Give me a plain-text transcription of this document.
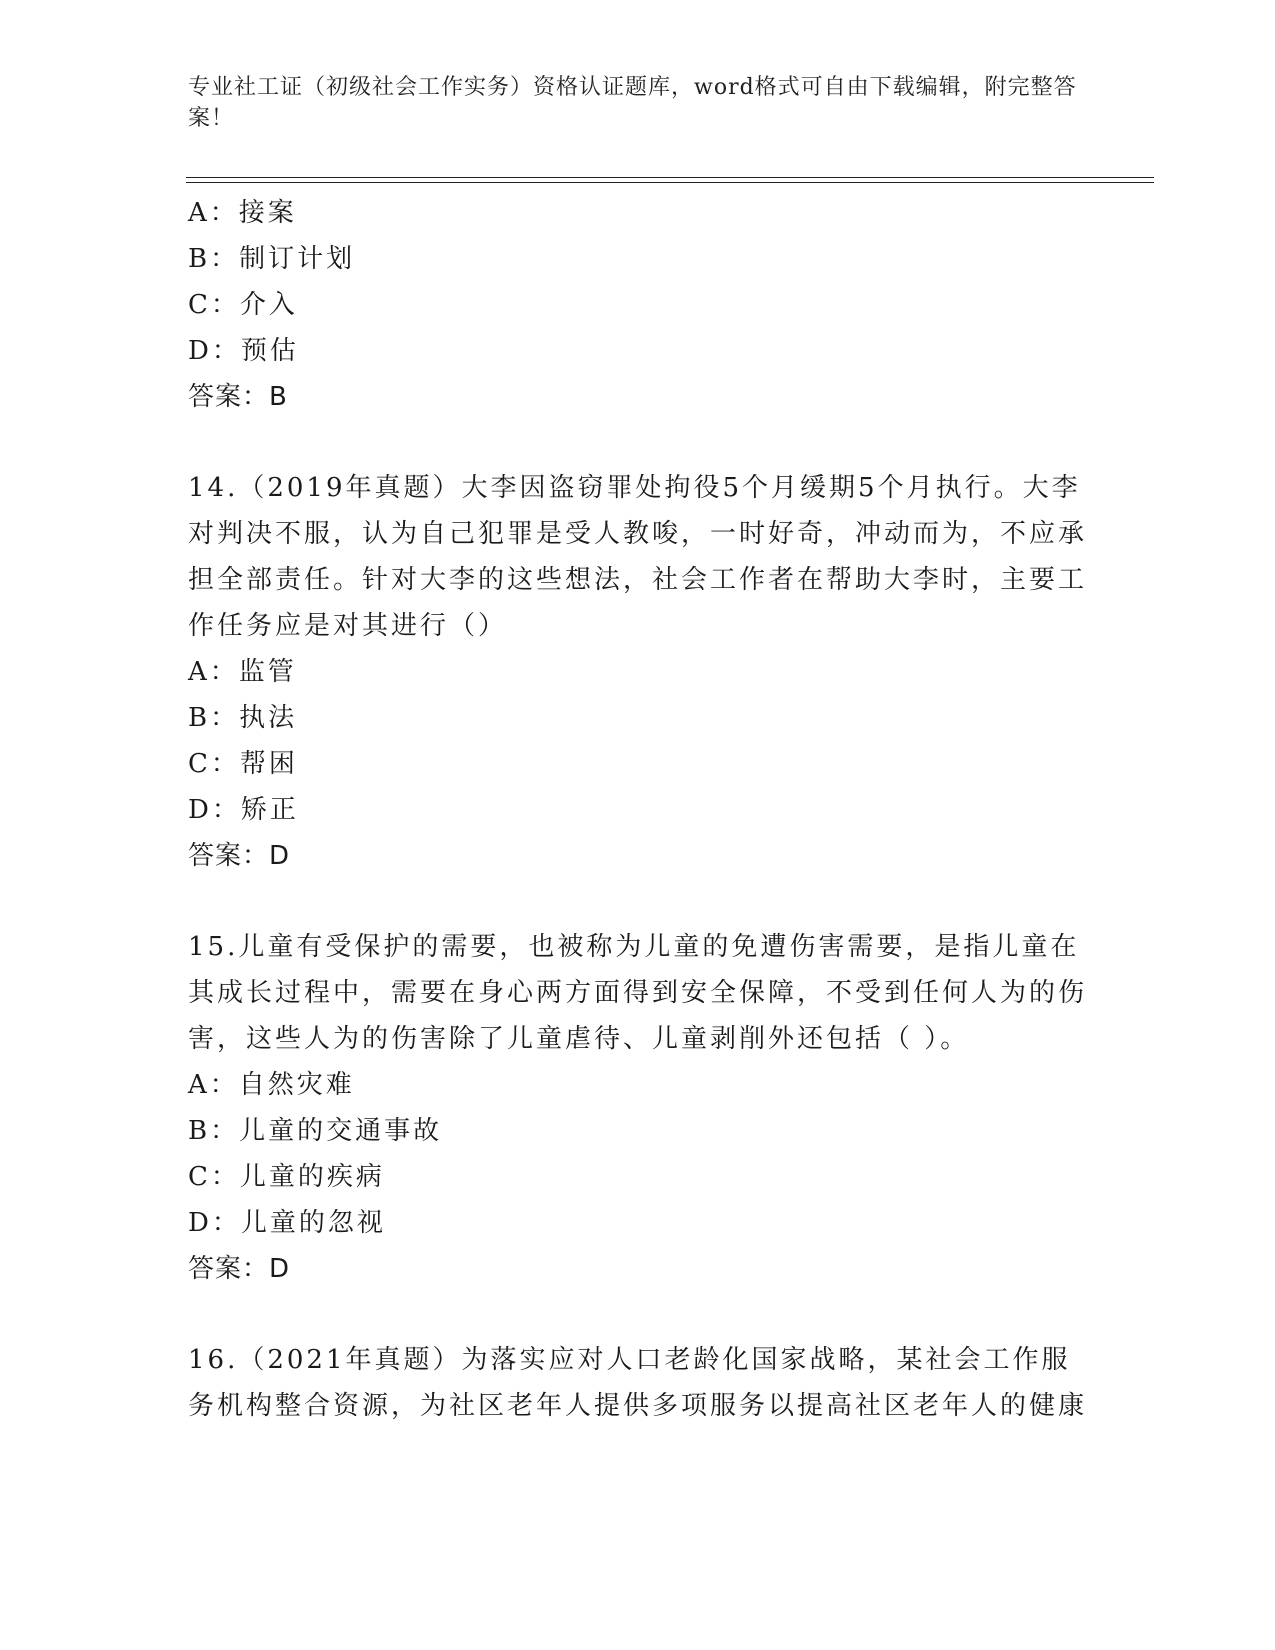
专业社工证（初级社会工作实务）资格认证题库，word格式可自由下载编辑，附完整答案！
A：接案
B：制订计划
C：介入
D：预估
答案：B
14.（2019年真题）大李因盗窃罪处拘役5个月缓期5个月执行。大李对判决不服，认为自己犯罪是受人教唆，一时好奇，冲动而为，不应承担全部责任。针对大李的这些想法，社会工作者在帮助大李时，主要工作任务应是对其进行（）
A：监管
B：执法
C：帮困
D：矫正
答案：D
15.儿童有受保护的需要，也被称为儿童的免遭伤害需要，是指儿童在其成长过程中，需要在身心两方面得到安全保障，不受到任何人为的伤害，这些人为的伤害除了儿童虐待、儿童剥削外还包括（ ）。
A：自然灾难
B：儿童的交通事故
C：儿童的疾病
D：儿童的忽视
答案：D
16.（2021年真题）为落实应对人口老龄化国家战略，某社会工作服务机构整合资源，为社区老年人提供多项服务以提高社区老年人的健康
